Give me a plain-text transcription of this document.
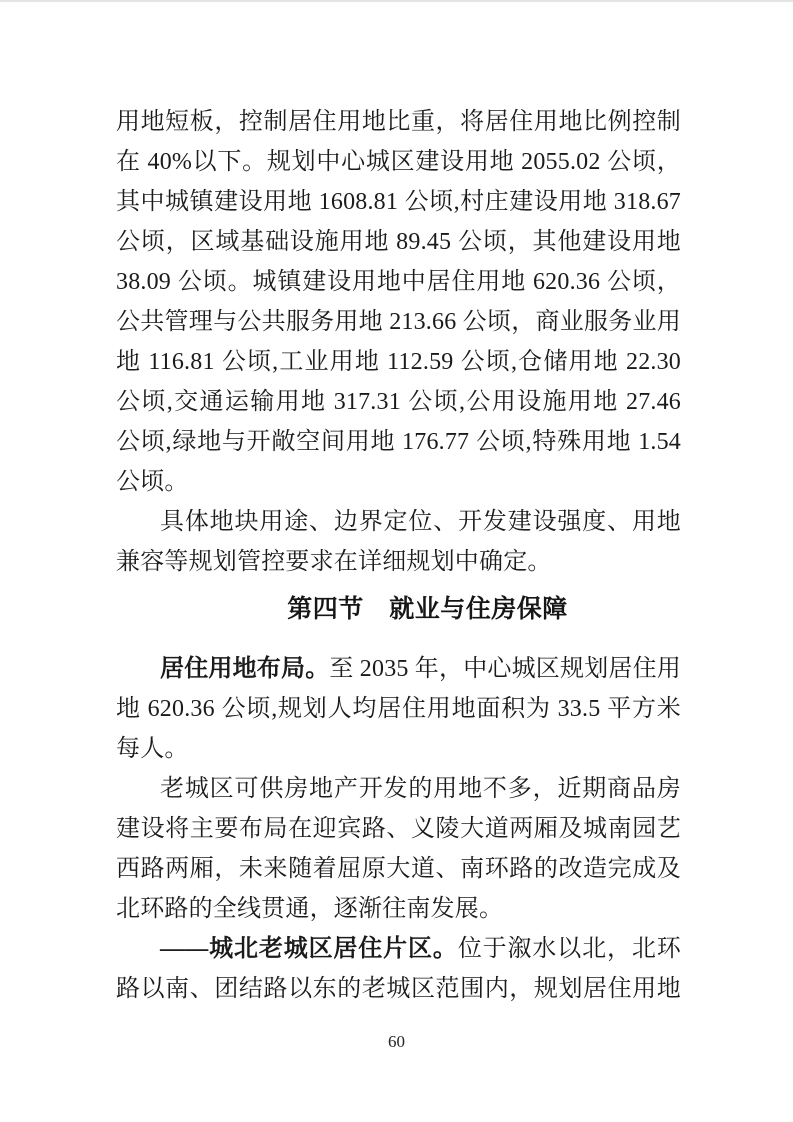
用地短板，控制居住用地比重，将居住用地比例控制
在 40%以下。规划中心城区建设用地 2055.02 公顷，
其中城镇建设用地 1608.81 公顷,村庄建设用地 318.67
公顷，区域基础设施用地 89.45 公顷，其他建设用地
38.09 公顷。城镇建设用地中居住用地 620.36 公顷，
公共管理与公共服务用地 213.66 公顷，商业服务业用
地 116.81 公顷,工业用地 112.59 公顷,仓储用地 22.30
公顷,交通运输用地 317.31 公顷,公用设施用地 27.46
公顷,绿地与开敞空间用地 176.77 公顷,特殊用地 1.54
公顷。
具体地块用途、边界定位、开发建设强度、用地
兼容等规划管控要求在详细规划中确定。
第四节　就业与住房保障
居住用地布局。至 2035 年，中心城区规划居住用
地 620.36 公顷,规划人均居住用地面积为 33.5 平方米
每人。
老城区可供房地产开发的用地不多，近期商品房
建设将主要布局在迎宾路、义陵大道两厢及城南园艺
西路两厢，未来随着屈原大道、南环路的改造完成及
北环路的全线贯通，逐渐往南发展。
——城北老城区居住片区。位于溆水以北，北环
路以南、团结路以东的老城区范围内，规划居住用地
60
